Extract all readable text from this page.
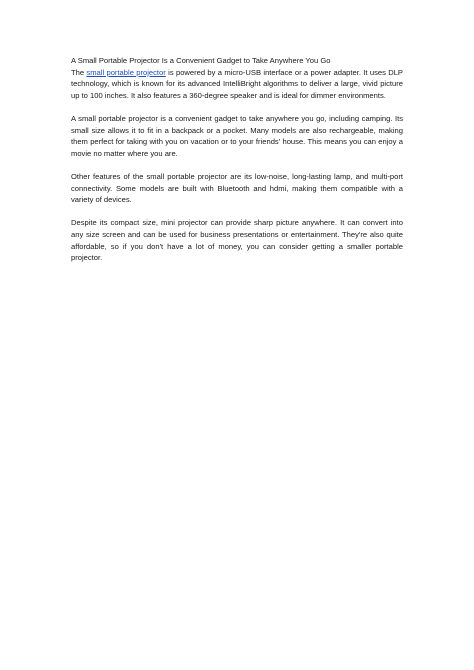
A Small Portable Projector Is a Convenient Gadget to Take Anywhere You Go

The small portable projector is powered by a micro-USB interface or a power adapter. It uses DLP technology, which is known for its advanced IntelliBright algorithms to deliver a large, vivid picture up to 100 inches. It also features a 360-degree speaker and is ideal for dimmer environments.

A small portable projector is a convenient gadget to take anywhere you go, including camping. Its small size allows it to fit in a backpack or a pocket. Many models are also rechargeable, making them perfect for taking with you on vacation or to your friends' house. This means you can enjoy a movie no matter where you are.

Other features of the small portable projector are its low-noise, long-lasting lamp, and multi-port connectivity. Some models are built with Bluetooth and hdmi, making them compatible with a variety of devices.

Despite its compact size, mini projector can provide sharp picture anywhere. It can convert into any size screen and can be used for business presentations or entertainment. They're also quite affordable, so if you don't have a lot of money, you can consider getting a smaller portable projector.
